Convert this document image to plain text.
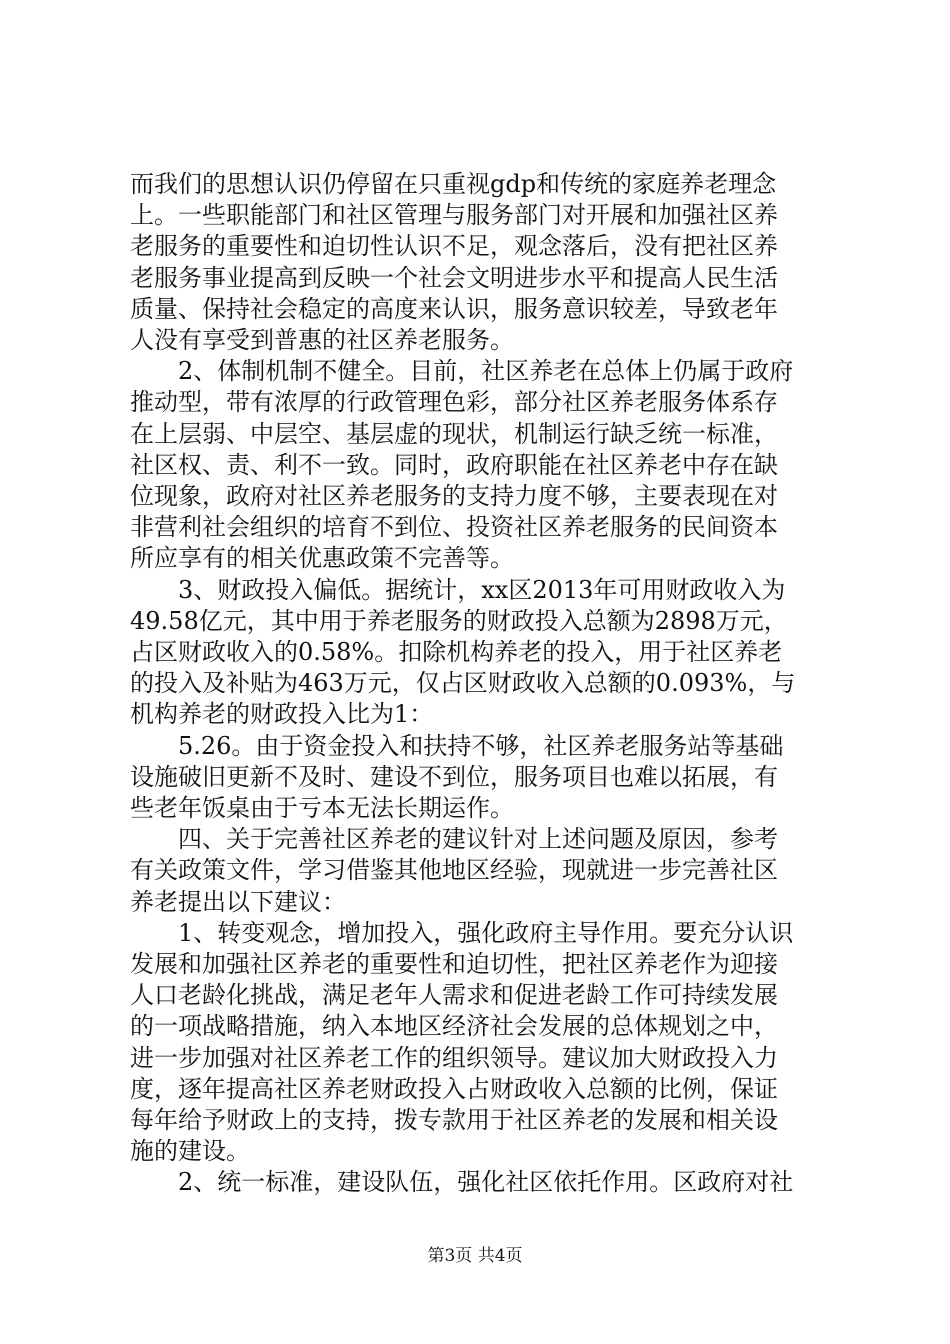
而我们的思想认识仍停留在只重视gdp和传统的家庭养老理念
上。一些职能部门和社区管理与服务部门对开展和加强社区养
老服务的重要性和迫切性认识不足，观念落后，没有把社区养
老服务事业提高到反映一个社会文明进步水平和提高人民生活
质量、保持社会稳定的高度来认识，服务意识较差，导致老年
人没有享受到普惠的社区养老服务。
　　2、体制机制不健全。目前，社区养老在总体上仍属于政府
推动型，带有浓厚的行政管理色彩，部分社区养老服务体系存
在上层弱、中层空、基层虚的现状，机制运行缺乏统一标准，
社区权、责、利不一致。同时，政府职能在社区养老中存在缺
位现象，政府对社区养老服务的支持力度不够，主要表现在对
非营利社会组织的培育不到位、投资社区养老服务的民间资本
所应享有的相关优惠政策不完善等。
　　3、财政投入偏低。据统计，xx区2013年可用财政收入为
49.58亿元，其中用于养老服务的财政投入总额为2898万元，
占区财政收入的0.58%。扣除机构养老的投入，用于社区养老
的投入及补贴为463万元，仅占区财政收入总额的0.093%，与
机构养老的财政投入比为1：
　　5.26。由于资金投入和扶持不够，社区养老服务站等基础
设施破旧更新不及时、建设不到位，服务项目也难以拓展，有
些老年饭桌由于亏本无法长期运作。
　　四、关于完善社区养老的建议针对上述问题及原因，参考
有关政策文件，学习借鉴其他地区经验，现就进一步完善社区
养老提出以下建议：
　　1、转变观念，增加投入，强化政府主导作用。要充分认识
发展和加强社区养老的重要性和迫切性，把社区养老作为迎接
人口老龄化挑战，满足老年人需求和促进老龄工作可持续发展
的一项战略措施，纳入本地区经济社会发展的总体规划之中，
进一步加强对社区养老工作的组织领导。建议加大财政投入力
度，逐年提高社区养老财政投入占财政收入总额的比例，保证
每年给予财政上的支持，拨专款用于社区养老的发展和相关设
施的建设。
　　2、统一标准，建设队伍，强化社区依托作用。区政府对社
第3页 共4页
